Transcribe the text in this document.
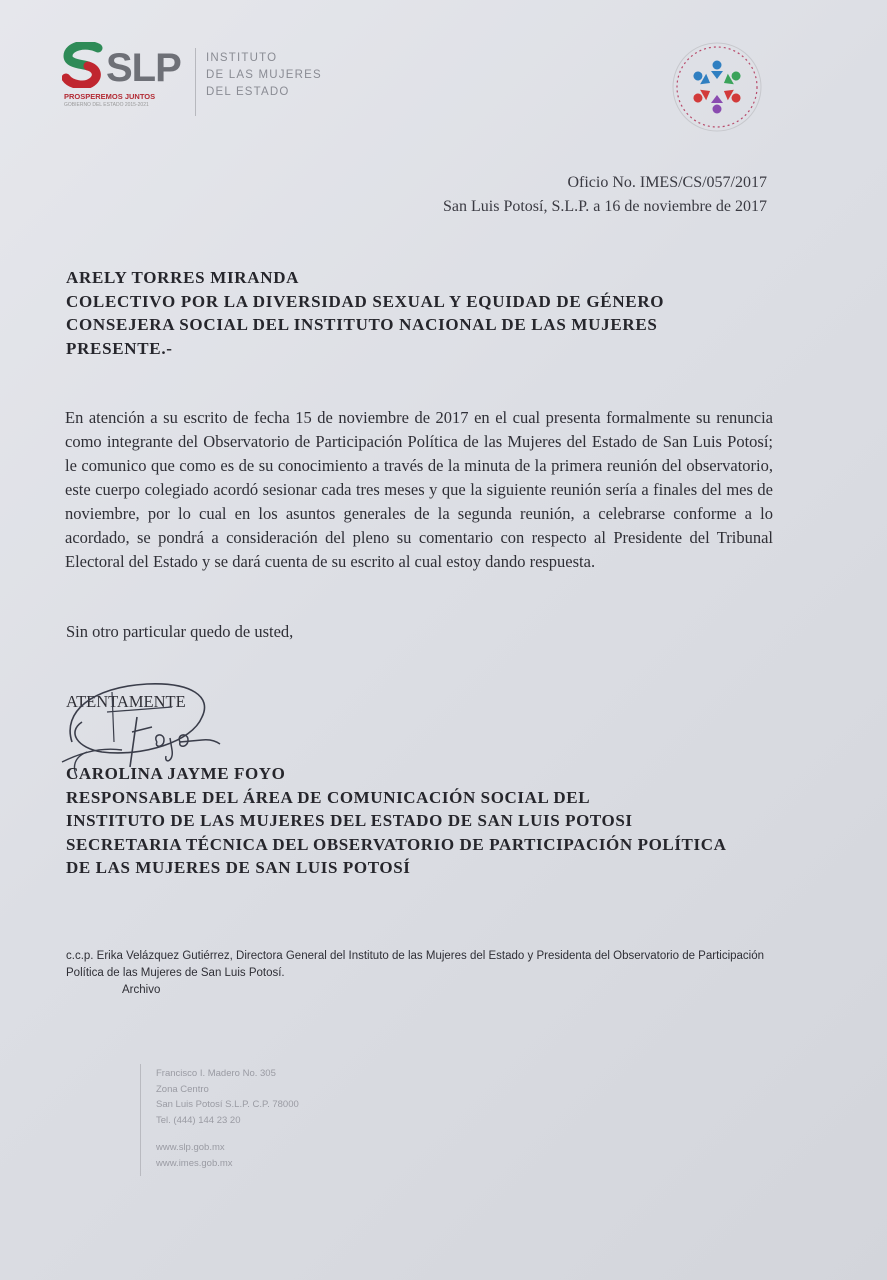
SLP
PROSPEREMOS JUNTOS
GOBIERNO DEL ESTADO 2015-2021
INSTITUTO
DE LAS MUJERES
DEL ESTADO
Oficio No. IMES/CS/057/2017
San Luis Potosí, S.L.P. a 16 de noviembre de 2017
ARELY TORRES MIRANDA
COLECTIVO POR LA DIVERSIDAD SEXUAL Y EQUIDAD DE GÉNERO
CONSEJERA SOCIAL DEL INSTITUTO NACIONAL DE LAS MUJERES
PRESENTE.-
En atención a su escrito de fecha 15 de noviembre de 2017 en el cual presenta formalmente su renuncia como integrante del Observatorio de Participación Política de las Mujeres del Estado de San Luis Potosí; le comunico que como es de su conocimiento a través de la minuta de la primera reunión del observatorio, este cuerpo colegiado acordó sesionar cada tres meses y que la siguiente reunión sería a finales del mes de noviembre, por lo cual en los asuntos generales de la segunda reunión, a celebrarse conforme a lo acordado, se pondrá a consideración del pleno su comentario con respecto al Presidente del Tribunal Electoral del Estado y se dará cuenta de su escrito al cual estoy dando respuesta.
Sin otro particular quedo de usted,
ATENTAMENTE
CAROLINA JAYME FOYO
RESPONSABLE DEL ÁREA DE COMUNICACIÓN SOCIAL DEL
INSTITUTO DE LAS MUJERES DEL ESTADO DE SAN LUIS POTOSI
SECRETARIA TÉCNICA DEL OBSERVATORIO DE PARTICIPACIÓN POLÍTICA
DE LAS MUJERES DE SAN LUIS POTOSÍ
c.c.p. Erika Velázquez Gutiérrez, Directora General del Instituto de las Mujeres del Estado y Presidenta del Observatorio de Participación Política de las Mujeres de San Luis Potosí.
Archivo
Francisco I. Madero No. 305
Zona Centro
San Luis Potosí S.L.P. C.P. 78000
Tel. (444) 144 23 20
www.slp.gob.mx
www.imes.gob.mx
